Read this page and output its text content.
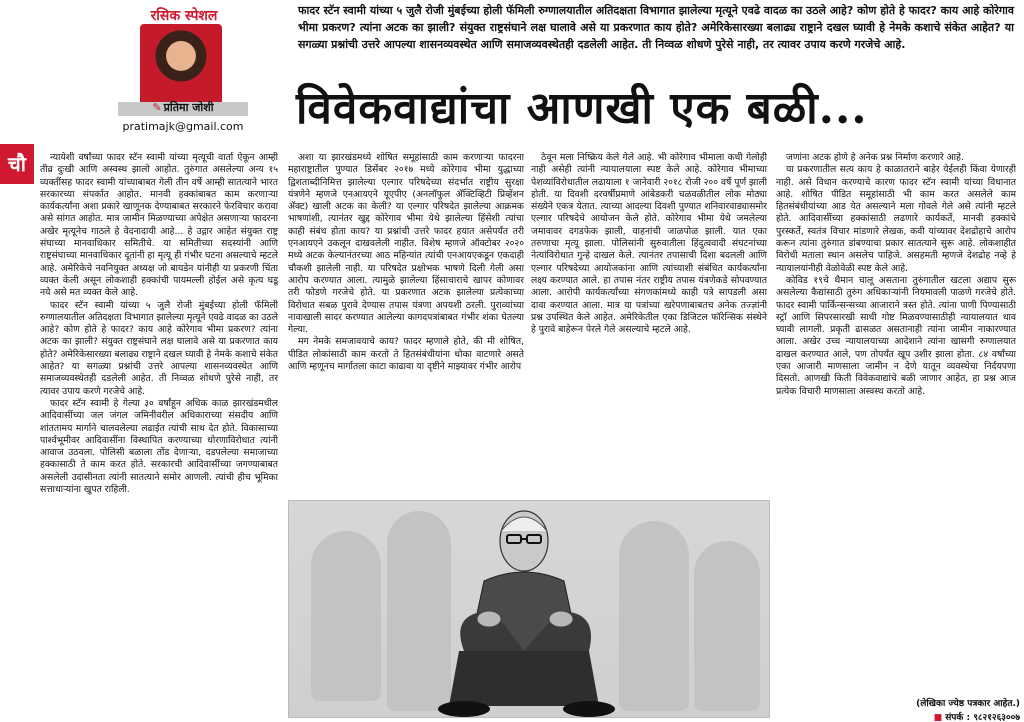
रसिक स्पेशल
✎ प्रतिमा जोशी
pratimajk@gmail.com
फादर स्टॅन स्वामी यांच्या ५ जुलै रोजी मुंबईच्या होली फॅमिली रुग्णालयातील अतिदक्षता विभागात झालेल्या मृत्यूने एवढे वादळ का उठले आहे? कोण होते हे फादर? काय आहे कोरेगाव भीमा प्रकरण? त्यांना अटक का झाली? संयुक्त राष्ट्रसंघाने लक्ष घालावे असे या प्रकरणात काय होते? अमेरिकेसारख्या बलाढ्य राष्ट्राने दखल घ्यावी हे नेमके कशाचे संकेत आहेत? या सगळ्या प्रश्नांची उत्तरे आपल्या शासनव्यवस्थेत आणि समाजव्यवस्थेतही दडलेली आहेत. ती निव्वळ शोधणे पुरेसे नाही, तर त्यावर उपाय करणे गरजेचे आहे.
विवेकवाद्यांचा आणखी एक बळी...
चौ	न्यायेशी वर्षांच्या फादर स्टॅन स्वामी यांच्या मृत्यूची वार्ता ऐकून आम्ही तीव्र दुःखी आणि अस्वस्थ झालो आहोत. तुरुंगात असलेल्या अन्य १५ व्यक्तींसह फादर स्वामी यांच्याबाबत गेली तीन वर्षे आम्ही सातत्याने भारत सरकारच्या संपर्कात आहोत. मानवी हक्कांबाबत काम करणाऱ्या कार्यकर्त्यांना अशा प्रकारे खाणूनक देण्याबाबत सरकारने फेरविचार करावा असे सांगत आहोत. मात्र जामीन मिळण्याच्या अपेक्षेत असणाऱ्या फादरना अखेर मृत्यूनेच गाठले हे वेदनादायी आहे... हे उद्गार आहेत संयुक्त राष्ट्र संघाच्या मानवाधिकार समितीचे. या समितीच्या सदस्यांनी आणि राष्ट्रसंघाच्या मानवाधिकार दूतांनी हा मृत्यू ही गंभीर घटना असल्याचे म्हटले आहे. अमेरिकेचे नवनियुक्त अध्यक्ष जो बायडेन यांनीही या प्रकरणी चिंता व्यक्त केली असून लोकशाही हक्कांची पायमल्ली होईल असे कृत्य घडू नये असे मत व्यक्त केले आहे.

फादर स्टॅन स्वामी यांच्या ५ जुलै रोजी मुंबईच्या होली फॅमिली रुग्णालयातील अतिदक्षता विभागात झालेल्या मृत्यूने एवढे वादळ का उठले आहे? कोण होते हे फादर? काय आहे कोरेगाव भीमा प्रकरण? त्यांना अटक का झाली? संयुक्त राष्ट्रसंघाने लक्ष घालावे असे या प्रकरणात काय होते? अमेरिकेसारख्या बलाढ्य राष्ट्राने दखल घ्यावी हे नेमके कशाचे संकेत आहेत? या सगळ्या प्रश्नांची उत्तरे आपल्या शासनव्यवस्थेत आणि समाजव्यवस्थेतही दडलेली आहेत. ती निव्वळ शोधणे पुरेसे नाही, तर त्यावर उपाय करणे गरजेचे आहे.

फादर स्टॅन स्वामी हे गेल्या ३० वर्षांहून अधिक काळ झारखंडमधील आदिवासींच्या जल जंगल जमिनीवरील अधिकाराच्या संसदीय आणि शांततामय मार्गाने चालवलेल्या लढाईत त्यांची साथ देत होते. विकासाच्या पार्श्वभूमीवर आदिवासींना विस्थापित करण्याच्या धोरणाविरोधात त्यांनी आवाज उठवला. पोलिसी बळाला तोंड देणाऱ्या, दडपलेल्या समाजाच्या हक्कासाठी ते काम करत होते. सरकारची आदिवासींच्या जगण्याबाबत असलेली उदासीनता त्यांनी सातत्याने समोर आणली. त्यांची हीच भूमिका सत्ताधाऱ्यांना खुपत राहिली.

अशा या झारखंडमध्ये शोषित समूहांसाठी काम करणाऱ्या फादरना महाराष्ट्रातील पुण्यात डिसेंबर २०१७ मध्ये कोरेगाव भीमा युद्धाच्या द्विशताब्दीनिमित्त झालेल्या एल्गार परिषदेच्या संदर्भात राष्ट्रीय सुरक्षा यंत्रणेने म्हणजे एनआयएने यूएपीए (अनलॉफुल ॲक्टिव्हिटी प्रिव्हेंशन ॲक्ट) खाली अटक का केली? या एल्गार परिषदेत झालेल्या आक्रमक भाषणांशी, त्यानंतर खुद्द कोरेगाव भीमा येथे झालेल्या हिंसेशी त्यांचा काही संबंध होता काय? या प्रश्नांची उत्तरे फादर हयात असेपर्यंत तरी एनआयएने उकलून दाखवलेली नाहीत. विशेष म्हणजे ऑक्टोबर २०२० मध्ये अटक केल्यानंतरच्या आठ महिन्यांत त्यांची एनआयएकडून एकदाही चौकशी झालेली नाही. या परिषदेत प्रक्षोभक भाषणे दिली गेली असा आरोप करण्यात आला. त्यामुळे झालेल्या हिंसाचाराचे खापर कोणावर तरी फोडणे गरजेचे होते. या प्रकरणात अटक झालेल्या प्रत्येकाच्या विरोधात सबळ पुरावे देण्यास तपास यंत्रणा अपयशी ठरली. पुराव्यांच्या नावाखाली सादर करण्यात आलेल्या कागदपत्रांबाबत गंभीर शंका घेतल्या गेल्या.

मग नेमके समजावयाचे काय? फादर म्हणाले होते, की मी शोषित, पीडित लोकांसाठी काम करतो ते हितसंबंधीयांना धोका वाटणारे असते आणि म्हणूनच मार्गातला काटा काढावा या दृष्टीने माझ्यावर गंभीर आरोप

ठेवून मला निष्क्रिय केले गेले आहे. भी कोरेगाव भीमाला कधी गेलोही नाही असेही त्यांनी न्यायालयाला स्पष्ट केले आहे. कोरेगाव भीमाच्या पेशव्यांविरोधातील लढायाला १ जानेवारी २०१८ रोजी २०० वर्षे पूर्ण झाली होती. या दिवशी दरवर्षीप्रमाणे आंबेडकरी चळवळीतील लोक मोठ्या संख्येने एकत्र येतात. त्याच्या आदल्या दिवशी पुण्यात शनिवारवाड्यासमोर एल्गार परिषदेचे आयोजन केले होते. कोरेगाव भीमा येथे जमलेल्या जमावावर दगडफेक झाली, वाहनांची जाळपोळ झाली. यात एका तरुणाचा मृत्यू झाला. पोलिसांनी सुरुवातीला हिंदुत्ववादी संघटनांच्या नेत्यांविरोधात गुन्हे दाखल केले. त्यानंतर तपासाची दिशा बदलली आणि एल्गार परिषदेच्या आयोजकांना आणि त्यांच्याशी संबंधित कार्यकर्त्यांना लक्ष्य करण्यात आले. हा तपास नंतर राष्ट्रीय तपास यंत्रणेकडे सोपवण्यात आला. आरोपी कार्यकर्त्यांच्या संगणकांमध्ये काही पत्रे सापडली असा दावा करण्यात आला. मात्र या पत्रांच्या खरेपणाबाबतच अनेक तज्ज्ञांनी प्रश्न उपस्थित केले आहेत. अमेरिकेतील एका डिजिटल फॉरेन्सिक संस्थेने हे पुरावे बाहेरून पेरले गेले असल्याचे म्हटले आहे.

जणांना अटक होणे हे अनेक प्रश्न निर्माण करणारे आहे.

या प्रकरणातील सत्य काय हे काळातराने बाहेर येईलही किंवा येणारही नाही. असे विधान करण्याचे कारण फादर स्टॅन स्वामी यांच्या विधानात आहे. शोषित पीडित समूहांसाठी भी काम करत असलेले काम हितसंबंधीयांच्या आड येत असल्याने मला गोवले गेले असे त्यांनी म्हटले होते. आदिवासींच्या हक्कांसाठी लढणारे कार्यकर्ते, मानवी हक्कांचे पुरस्कर्ते, स्वतंत्र विचार मांडणारे लेखक, कवी यांच्यावर देशद्रोहाचे आरोप करून त्यांना तुरुंगात डांबण्याचा प्रकार सातत्याने सुरू आहे. लोकशाहीत विरोधी मताला स्थान असलेच पाहिजे. असहमती म्हणजे देशद्रोह नव्हे हे न्यायालयांनीही वेळोवेळी स्पष्ट केले आहे.

कोविड १९चे थैमान चालू असताना तुरुंगातील खटला अद्याप सुरू असलेल्या कैद्यांसाठी तुरुंग अधिकाऱ्यांनी नियमावली पाळणे गरजेचे होते. फादर स्वामी पार्किन्सन्सच्या आजाराने त्रस्त होते. त्यांना पाणी पिण्यासाठी स्ट्रॉ आणि सिपरसारखी साधी गोष्ट मिळवण्यासाठीही न्यायालयात धाव घ्यावी लागली. प्रकृती ढासळत असतानाही त्यांना जामीन नाकारण्यात आला. अखेर उच्च न्यायालयाच्या आदेशाने त्यांना खासगी रुग्णालयात दाखल करण्यात आले, पण तोपर्यंत खूप उशीर झाला होता. ८४ वर्षांच्या एका आजारी माणसाला जामीन न देणे यातून व्यवस्थेचा निर्दयपणा दिसतो. आणखी किती विवेकवाद्यांचे बळी जाणार आहेत, हा प्रश्न आज प्रत्येक विचारी माणसाला अस्वस्थ करतो आहे.

(लेखिका ज्येष्ठ पत्रकार आहेत.)
■ संपर्क : ९८२१२६३००७
